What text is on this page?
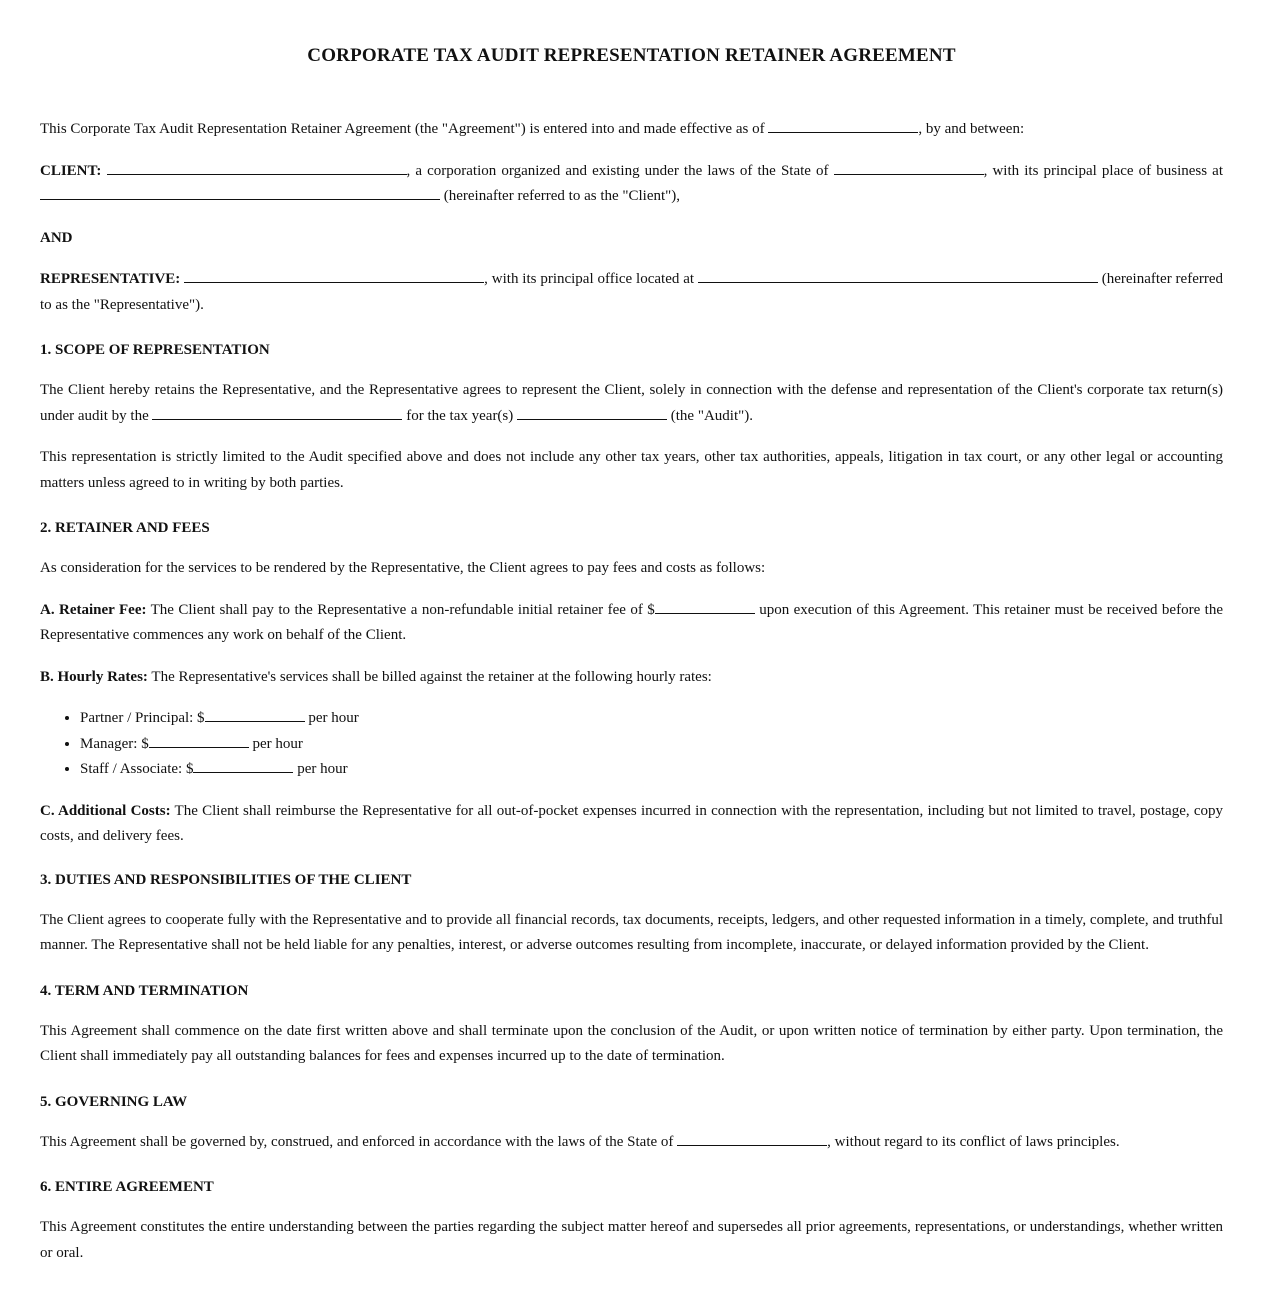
CORPORATE TAX AUDIT REPRESENTATION RETAINER AGREEMENT

This Corporate Tax Audit Representation Retainer Agreement (the "Agreement") is entered into and made effective as of	, by and between:

CLIENT:	, a corporation organized and existing under the laws of the State of	, with its principal place of business at  (hereinafter referred to as the "Client"),

AND

REPRESENTATIVE:	, with its principal office located at	(hereinafter referred to as the "Representative").

1. SCOPE OF REPRESENTATION

The Client hereby retains the Representative, and the Representative agrees to represent the Client, solely in connection with the defense and representation of the Client's corporate tax return(s) under audit by the	for the tax year(s)	(the "Audit").

This representation is strictly limited to the Audit specified above and does not include any other tax years, other tax authorities, appeals, litigation in tax court, or any other legal or accounting matters unless agreed to in writing by both parties.

2. RETAINER AND FEES

As consideration for the services to be rendered by the Representative, the Client agrees to pay fees and costs as follows:

A. Retainer Fee: The Client shall pay to the Representative a non-refundable initial retainer fee of $	upon execution of this Agreement. This retainer must be received before the Representative commences any work on behalf of the Client.

B. Hourly Rates: The Representative's services shall be billed against the retainer at the following hourly rates:

• Partner / Principal: $	per hour
• Manager: $	per hour
• Staff / Associate: $	per hour

C. Additional Costs: The Client shall reimburse the Representative for all out-of-pocket expenses incurred in connection with the representation, including but not limited to travel, postage, copy costs, and delivery fees.

3. DUTIES AND RESPONSIBILITIES OF THE CLIENT

The Client agrees to cooperate fully with the Representative and to provide all financial records, tax documents, receipts, ledgers, and other requested information in a timely, complete, and truthful manner. The Representative shall not be held liable for any penalties, interest, or adverse outcomes resulting from incomplete, inaccurate, or delayed information provided by the Client.

4. TERM AND TERMINATION

This Agreement shall commence on the date first written above and shall terminate upon the conclusion of the Audit, or upon written notice of termination by either party. Upon termination, the Client shall immediately pay all outstanding balances for fees and expenses incurred up to the date of termination.

5. GOVERNING LAW

This Agreement shall be governed by, construed, and enforced in accordance with the laws of the State of	, without regard to its conflict of laws principles.

6. ENTIRE AGREEMENT

This Agreement constitutes the entire understanding between the parties regarding the subject matter hereof and supersedes all prior agreements, representations, or understandings, whether written or oral.
